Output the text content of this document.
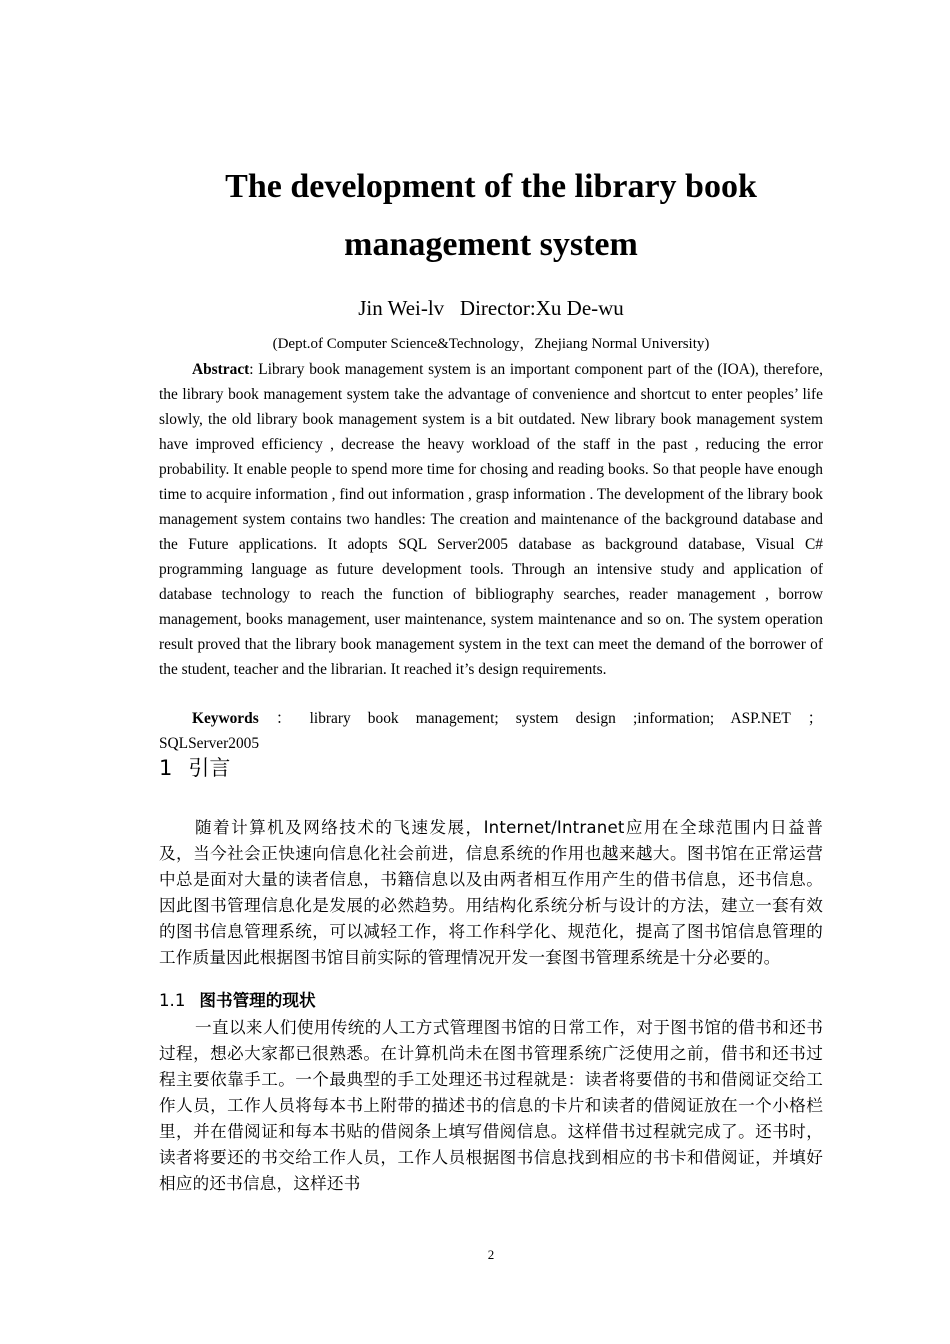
The development of the library book
management system

Jin Wei-lv   Director:Xu De-wu

(Dept.of Computer Science&Technology，Zhejiang Normal University)

Abstract: Library book management system is an important component part of the (IOA), therefore, the library book management system take the advantage of convenience and shortcut to enter peoples’ life slowly, the old library book management system is a bit outdated. New library book management system have improved efficiency , decrease the heavy workload of the staff in the past , reducing the error probability. It enable people to spend more time for chosing and reading books. So that people have enough time to acquire information , find out information , grasp information . The development of the library book management system contains two handles: The creation and maintenance of the background database and the Future applications. It adopts SQL Server2005 database as background database, Visual C# programming language as future development tools. Through an intensive study and application of database technology to reach the function of bibliography searches, reader management , borrow management, books management, user maintenance, system maintenance and so on. The system operation result proved that the library book management system in the text can meet the demand of the borrower of the student, teacher and the librarian. It reached it’s design requirements.

Keywords ： library book management; system design ;information; ASP.NET ；SQLServer2005

1 引言

随着计算机及网络技术的飞速发展，Internet/Intranet应用在全球范围内日益普及，当今社会正快速向信息化社会前进，信息系统的作用也越来越大。图书馆在正常运营中总是面对大量的读者信息，书籍信息以及由两者相互作用产生的借书信息，还书信息。因此图书管理信息化是发展的必然趋势。用结构化系统分析与设计的方法，建立一套有效的图书信息管理系统，可以减轻工作，将工作科学化、规范化，提高了图书馆信息管理的工作质量因此根据图书馆目前实际的管理情况开发一套图书管理系统是十分必要的。

1.1 图书管理的现状

一直以来人们使用传统的人工方式管理图书馆的日常工作，对于图书馆的借书和还书过程，想必大家都已很熟悉。在计算机尚未在图书管理系统广泛使用之前，借书和还书过程主要依靠手工。一个最典型的手工处理还书过程就是：读者将要借的书和借阅证交给工作人员，工作人员将每本书上附带的描述书的信息的卡片和读者的借阅证放在一个小格栏里，并在借阅证和每本书贴的借阅条上填写借阅信息。这样借书过程就完成了。还书时，读者将要还的书交给工作人员，工作人员根据图书信息找到相应的书卡和借阅证，并填好相应的还书信息，这样还书

2
